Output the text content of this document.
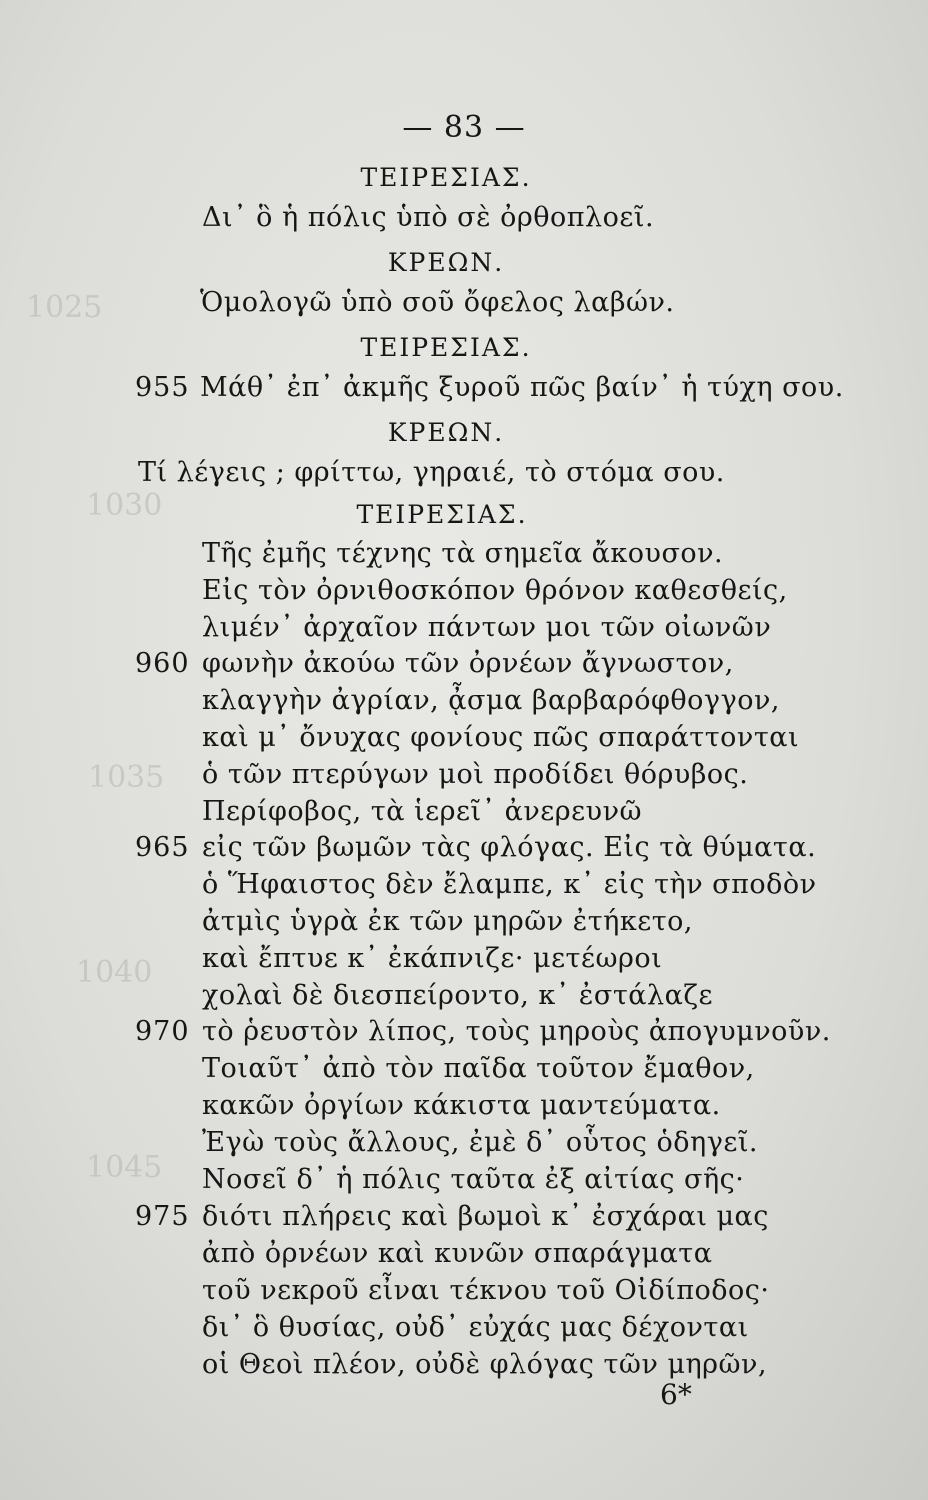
1025
1030
1035
1040
1045
— 83 —
ΤΕΙΡΕΣΙΑΣ.
ΚΡΕΩΝ.
ΤΕΙΡΕΣΙΑΣ.
ΚΡΕΩΝ.
ΤΕΙΡΕΣΙΑΣ.
Δι᾽ ὃ ἡ πόλις ὑπὸ σὲ ὀρθοπλοεῖ.
Ὁμολογῶ ὑπὸ σοῦ ὄφελος λαβών.
955 Μάθ᾽ ἐπ᾽ ἀκμῆς ξυροῦ πῶς βαίν᾽ ἡ τύχη σου.
Τί λέγεις ; φρίττω, γηραιέ, τὸ στόμα σου.
Τῆς ἐμῆς τέχνης τὰ σημεῖα ἄκουσον.
Εἰς τὸν ὀρνιθοσκόπον θρόνον καθεσθείς,
λιμέν᾽ ἀρχαῖον πάντων μοι τῶν οἰωνῶν
960 φωνὴν ἀκούω τῶν ὀρνέων ἄγνωστον,
κλαγγὴν ἀγρίαν, ᾆσμα βαρβαρόφθογγον,
καὶ μ᾽ ὄνυχας φονίους πῶς σπαράττονται
ὁ τῶν πτερύγων μοὶ προδίδει θόρυβος.
Περίφοβος, τὰ ἱερεῖ᾽ ἀνερευνῶ
965 εἰς τῶν βωμῶν τὰς φλόγας. Εἰς τὰ θύματα.
ὁ Ἥφαιστος δὲν ἔλαμπε, κ᾽ εἰς τὴν σποδὸν
ἀτμὶς ὑγρὰ ἐκ τῶν μηρῶν ἐτήκετο,
καὶ ἔπτυε κ᾽ ἐκάπνιζε· μετέωροι
χολαὶ δὲ διεσπείροντο, κ᾽ ἐστάλαζε
970 τὸ ῥευστὸν λίπος, τοὺς μηροὺς ἀπογυμνοῦν.
Τοιαῦτ᾽ ἀπὸ τὸν παῖδα τοῦτον ἔμαθον,
κακῶν ὀργίων κάκιστα μαντεύματα.
Ἐγὼ τοὺς ἄλλους, ἐμὲ δ᾽ οὗτος ὁδηγεῖ.
Νοσεῖ δ᾽ ἡ πόλις ταῦτα ἐξ αἰτίας σῆς·
975 διότι πλήρεις καὶ βωμοὶ κ᾽ ἐσχάραι μας
ἀπὸ ὀρνέων καὶ κυνῶν σπαράγματα
τοῦ νεκροῦ εἶναι τέκνου τοῦ Οἰδίποδος·
δι᾽ ὃ θυσίας, οὐδ᾽ εὐχάς μας δέχονται
οἱ Θεοὶ πλέον, οὐδὲ φλόγας τῶν μηρῶν,
6*
